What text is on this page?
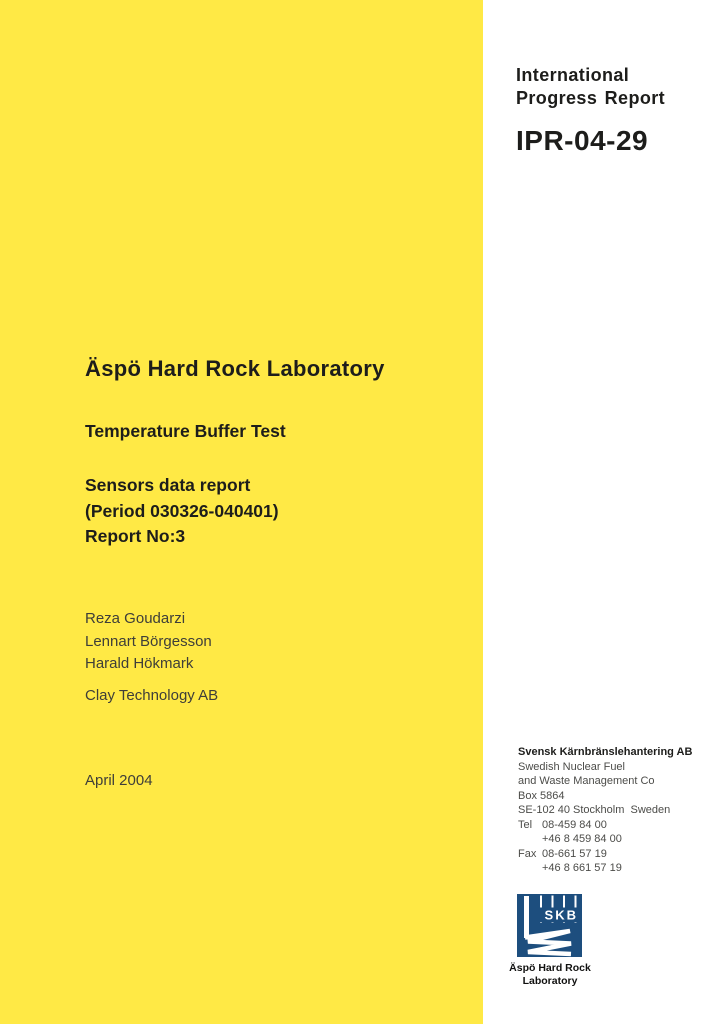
International
Progress Report
IPR-04-29
Äspö Hard Rock Laboratory
Temperature Buffer Test
Sensors data report
(Period 030326-040401)
Report No:3
Reza Goudarzi
Lennart Börgesson
Harald Hökmark
Clay Technology AB
April 2004
Svensk Kärnbränslehantering AB
Swedish Nuclear Fuel
and Waste Management Co
Box 5864
SE-102 40 Stockholm  Sweden
Tel 08-459 84 00
+46 8 459 84 00
Fax 08-661 57 19
+46 8 661 57 19
SKB
Äspö Hard Rock
Laboratory
